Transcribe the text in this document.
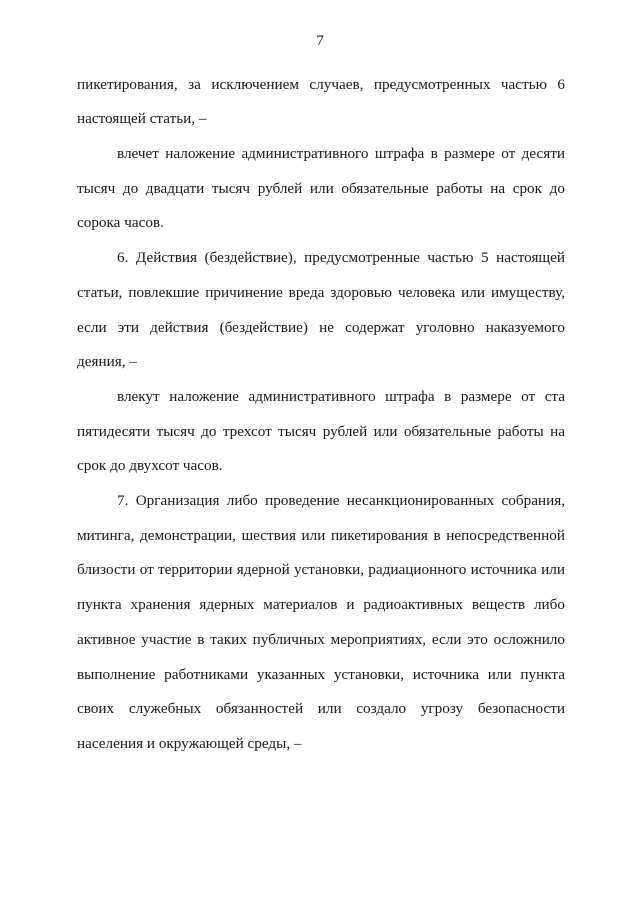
7
пикетирования, за исключением случаев, предусмотренных частью 6
настоящей статьи, –
влечет наложение административного штрафа в размере от десяти
тысяч до двадцати тысяч рублей или обязательные работы на срок до
сорока часов.
6. Действия (бездействие), предусмотренные частью 5 настоящей
статьи, повлекшие причинение вреда здоровью человека или имуществу,
если эти действия (бездействие) не содержат уголовно наказуемого
деяния, –
влекут наложение административного штрафа в размере от ста
пятидесяти тысяч до трехсот тысяч рублей или обязательные работы на
срок до двухсот часов.
7. Организация либо проведение несанкционированных собрания,
митинга, демонстрации, шествия или пикетирования в непосредственной
близости от территории ядерной установки, радиационного источника или
пункта хранения ядерных материалов и радиоактивных веществ либо
активное участие в таких публичных мероприятиях, если это осложнило
выполнение работниками указанных установки, источника или пункта
своих служебных обязанностей или создало угрозу безопасности
населения и окружающей среды, –
